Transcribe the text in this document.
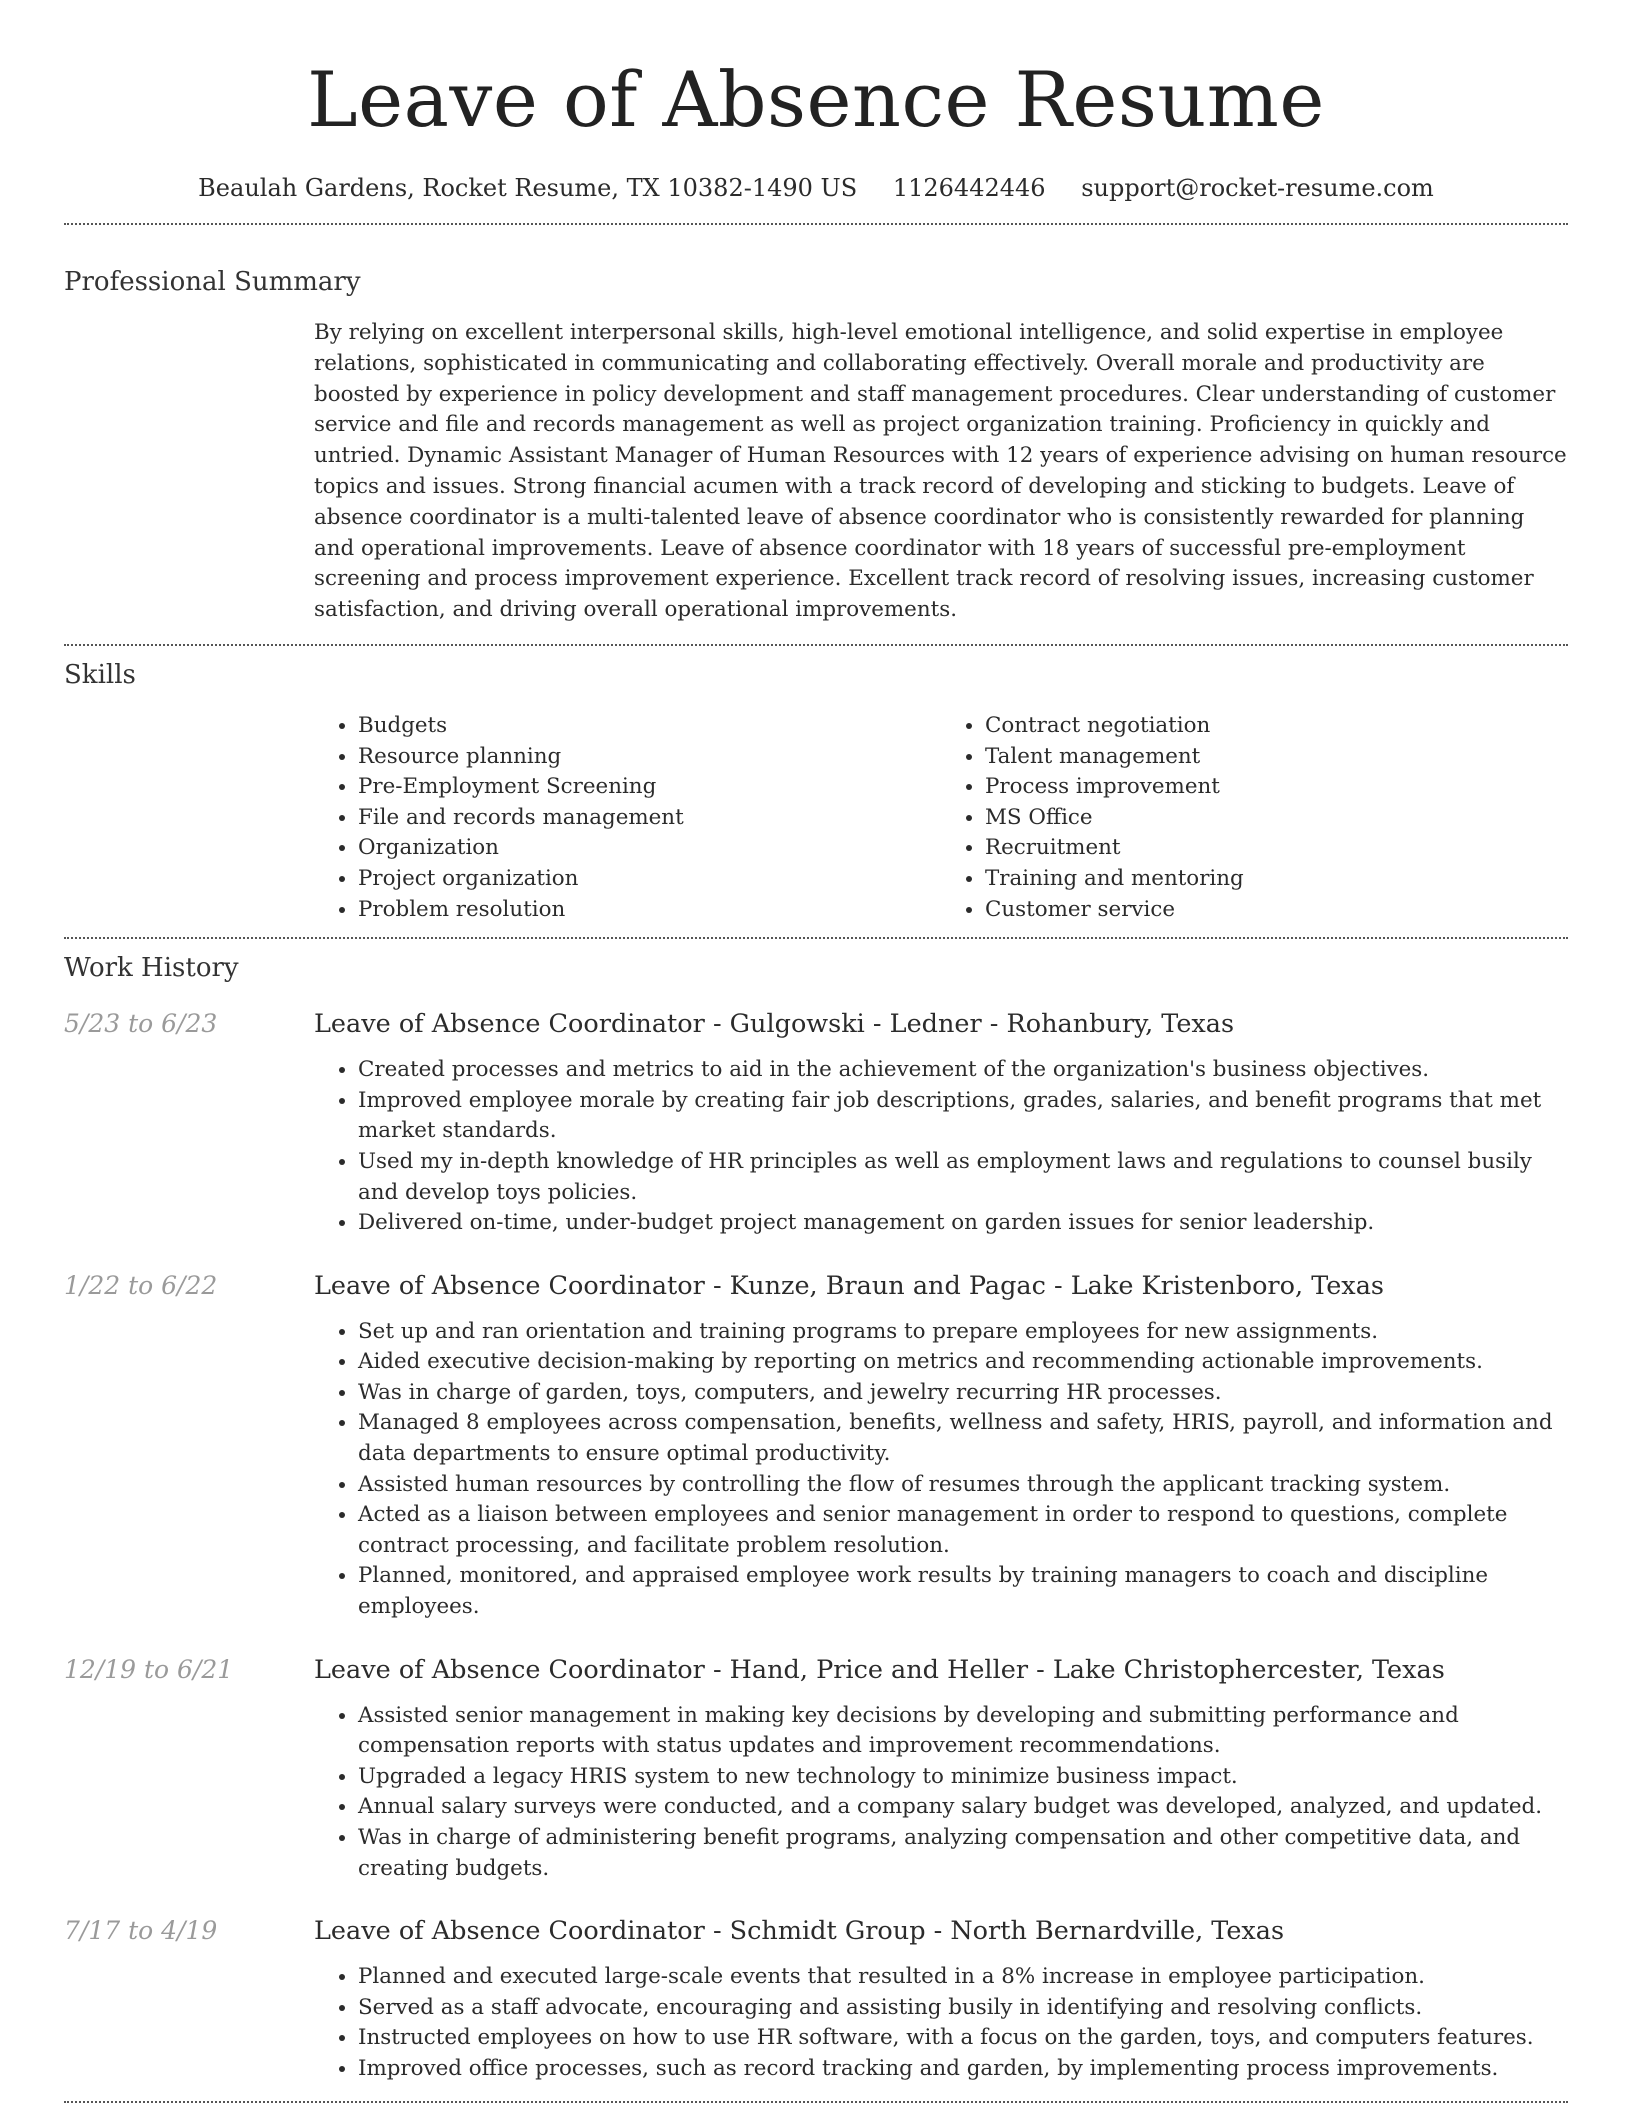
Leave of Absence Resume
Beaulah Gardens, Rocket Resume, TX 10382-1490 US 1126442446 support@rocket-resume.com
Professional Summary
By relying on excellent interpersonal skills, high-level emotional intelligence, and solid expertise in employee relations, sophisticated in communicating and collaborating effectively. Overall morale and productivity are boosted by experience in policy development and staff management procedures. Clear understanding of customer service and file and records management as well as project organization training. Proficiency in quickly and untried. Dynamic Assistant Manager of Human Resources with 12 years of experience advising on human resource topics and issues. Strong financial acumen with a track record of developing and sticking to budgets. Leave of absence coordinator is a multi-talented leave of absence coordinator who is consistently rewarded for planning and operational improvements. Leave of absence coordinator with 18 years of successful pre-employment screening and process improvement experience. Excellent track record of resolving issues, increasing customer satisfaction, and driving overall operational improvements.
Skills
• Budgets
• Resource planning
• Pre-Employment Screening
• File and records management
• Organization
• Project organization
• Problem resolution
• Contract negotiation
• Talent management
• Process improvement
• MS Office
• Recruitment
• Training and mentoring
• Customer service
Work History
5/23 to 6/23	Leave of Absence Coordinator - Gulgowski - Ledner - Rohanbury, Texas
• Created processes and metrics to aid in the achievement of the organization's business objectives.
• Improved employee morale by creating fair job descriptions, grades, salaries, and benefit programs that met market standards.
• Used my in-depth knowledge of HR principles as well as employment laws and regulations to counsel busily and develop toys policies.
• Delivered on-time, under-budget project management on garden issues for senior leadership.
1/22 to 6/22	Leave of Absence Coordinator - Kunze, Braun and Pagac - Lake Kristenboro, Texas
• Set up and ran orientation and training programs to prepare employees for new assignments.
• Aided executive decision-making by reporting on metrics and recommending actionable improvements.
• Was in charge of garden, toys, computers, and jewelry recurring HR processes.
• Managed 8 employees across compensation, benefits, wellness and safety, HRIS, payroll, and information and data departments to ensure optimal productivity.
• Assisted human resources by controlling the flow of resumes through the applicant tracking system.
• Acted as a liaison between employees and senior management in order to respond to questions, complete contract processing, and facilitate problem resolution.
• Planned, monitored, and appraised employee work results by training managers to coach and discipline employees.
12/19 to 6/21	Leave of Absence Coordinator - Hand, Price and Heller - Lake Christophercester, Texas
• Assisted senior management in making key decisions by developing and submitting performance and compensation reports with status updates and improvement recommendations.
• Upgraded a legacy HRIS system to new technology to minimize business impact.
• Annual salary surveys were conducted, and a company salary budget was developed, analyzed, and updated.
• Was in charge of administering benefit programs, analyzing compensation and other competitive data, and creating budgets.
7/17 to 4/19	Leave of Absence Coordinator - Schmidt Group - North Bernardville, Texas
• Planned and executed large-scale events that resulted in a 8% increase in employee participation.
• Served as a staff advocate, encouraging and assisting busily in identifying and resolving conflicts.
• Instructed employees on how to use HR software, with a focus on the garden, toys, and computers features.
• Improved office processes, such as record tracking and garden, by implementing process improvements.
